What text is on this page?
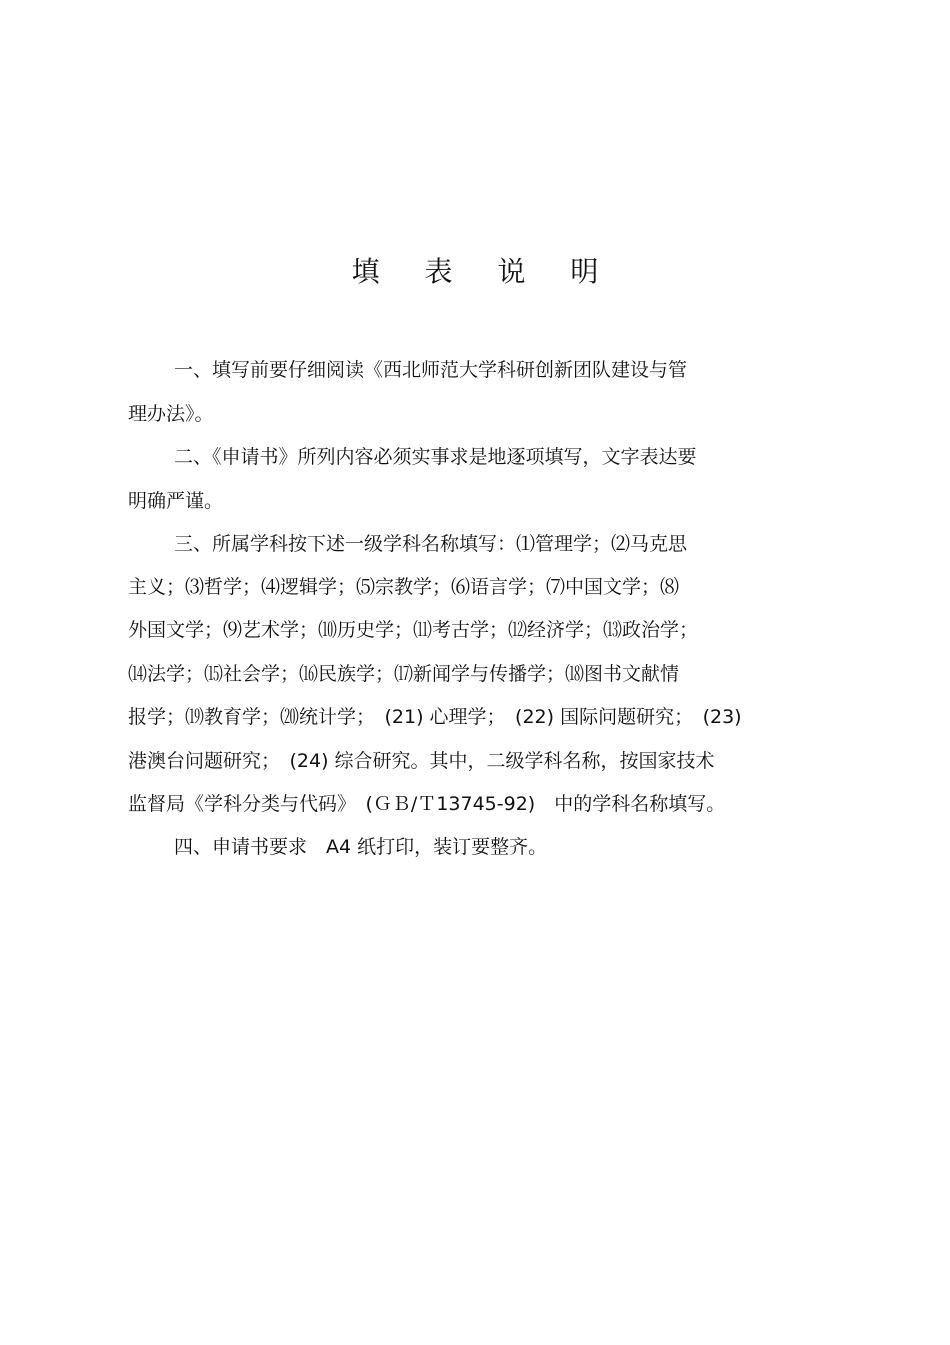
填 表 说 明
一、填写前要仔细阅读《西北师范大学科研创新团队建设与管
理办法》。
二、《申请书》所列内容必须实事求是地逐项填写，文字表达要
明确严谨。
三、所属学科按下述一级学科名称填写：⑴管理学；⑵马克思
主义；⑶哲学；⑷逻辑学；⑸宗教学；⑹语言学；⑺中国文学；⑻
外国文学；⑼艺术学；⑽历史学；⑾考古学；⑿经济学；⒀政治学；
⒁法学；⒂社会学；⒃民族学；⒄新闻学与传播学；⒅图书文献情
报学；⒆教育学；⒇统计学；　(21) 心理学；　(22) 国际问题研究；　(23)
港澳台问题研究；　(24) 综合研究。其中，二级学科名称，按国家技术
监督局《学科分类与代码》　(ＧＢ/Ｔ13745-92)　中的学科名称填写。
四、申请书要求　A4 纸打印，装订要整齐。
